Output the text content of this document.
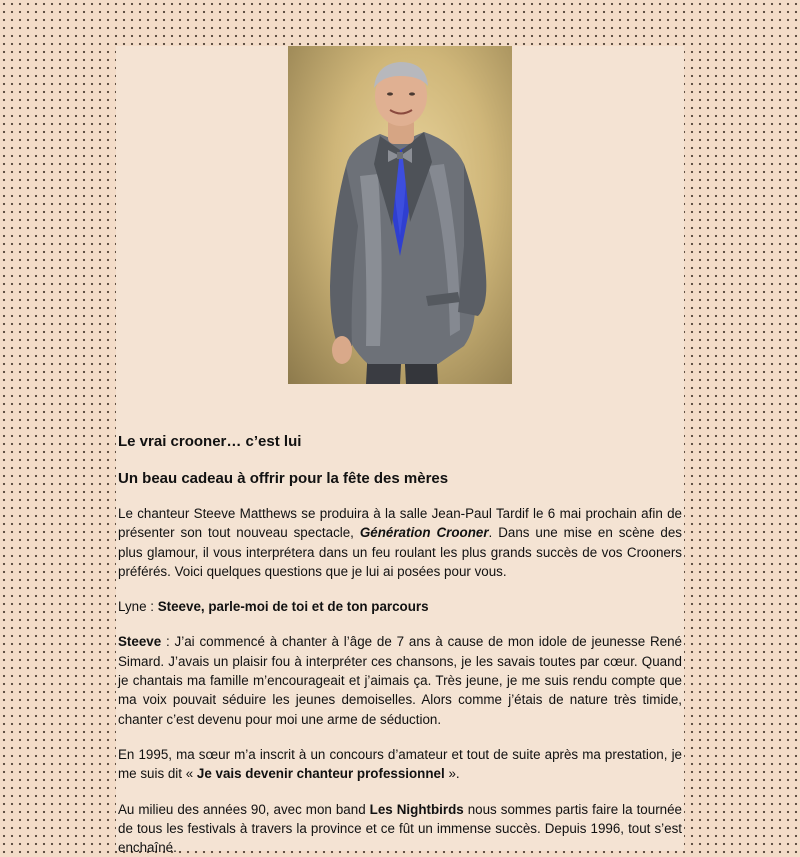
Le vrai crooner… c’est lui
Un beau cadeau à offrir pour la fête des mères

Le chanteur Steeve Matthews se produira à la salle Jean-Paul Tardif le 6 mai prochain afin de présenter son tout nouveau spectacle, Génération Crooner. Dans une mise en scène des plus glamour, il vous interprétera dans un feu roulant les plus grands succès de vos Crooners préférés. Voici quelques questions que je lui ai posées pour vous.

Lyne : Steeve, parle-moi de toi et de ton parcours

Steeve : J’ai commencé à chanter à l’âge de 7 ans à cause de mon idole de jeunesse René Simard. J’avais un plaisir fou à interpréter ces chansons, je les savais toutes par cœur. Quand je chantais ma famille m’encourageait et j’aimais ça. Très jeune, je me suis rendu compte que ma voix pouvait séduire les jeunes demoiselles. Alors comme j’étais de nature très timide, chanter c’est devenu pour moi une arme de séduction.

En 1995, ma sœur m’a inscrit à un concours d’amateur et tout de suite après ma prestation, je me suis dit « Je vais devenir chanteur professionnel ».

Au milieu des années 90, avec mon band Les Nightbirds nous sommes partis faire la tournée de tous les festivals à travers la province et ce fût un immense succès. Depuis 1996, tout s’est enchaîné.
